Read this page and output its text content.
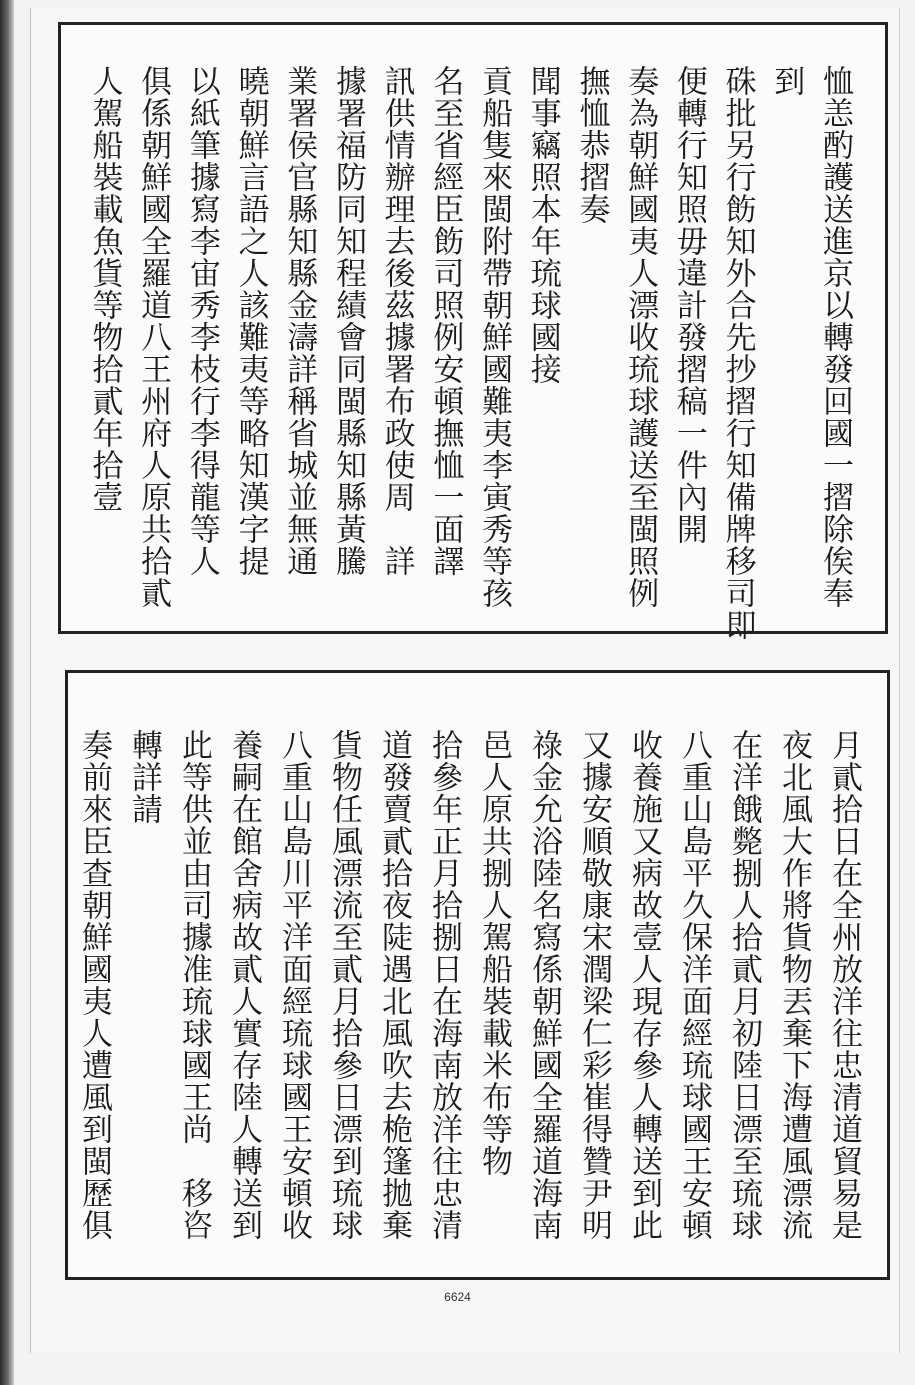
恤恙酌護送進京以轉發回國一摺除俟奉
到
硃批另行飭知外合先抄摺行知備牌移司即
便轉行知照毋違計發摺稿一件內開
奏為朝鮮國夷人漂收琉球護送至閩照例
撫恤恭摺奏
聞事竊照本年琉球國接
貢船隻來閩附帶朝鮮國難夷李寅秀等孩
名至省經臣飭司照例安頓撫恤一面譯
訊供情辦理去後茲據署布政使周　詳
據署福防同知程績會同閩縣知縣黃騰
業署侯官縣知縣金濤詳稱省城並無通
曉朝鮮言語之人該難夷等略知漢字提
以紙筆據寫李宙秀李枝行李得龍等人
俱係朝鮮國全羅道八王州府人原共拾貳
人駕船裝載魚貨等物拾貳年拾壹
月貳拾日在全州放洋往忠清道貿易是
夜北風大作將貨物丟棄下海遭風漂流
在洋餓斃捌人拾貳月初陸日漂至琉球
八重山島平久保洋面經琉球國王安頓
收養施又病故壹人現存參人轉送到此
又據安順敬康宋潤梁仁彩崔得贊尹明
祿金允浴陸名寫係朝鮮國全羅道海南
邑人原共捌人駕船裝載米布等物
拾參年正月拾捌日在海南放洋往忠清
道發賣貳拾夜陡遇北風吹去桅篷拋棄
貨物任風漂流至貳月拾參日漂到琉球
八重山島川平洋面經琉球國王安頓收
養嗣在館舍病故貳人實存陸人轉送到
此等供並由司據准琉球國王尚　移咨
轉詳請
奏前來臣查朝鮮國夷人遭風到閩歷俱
6624
